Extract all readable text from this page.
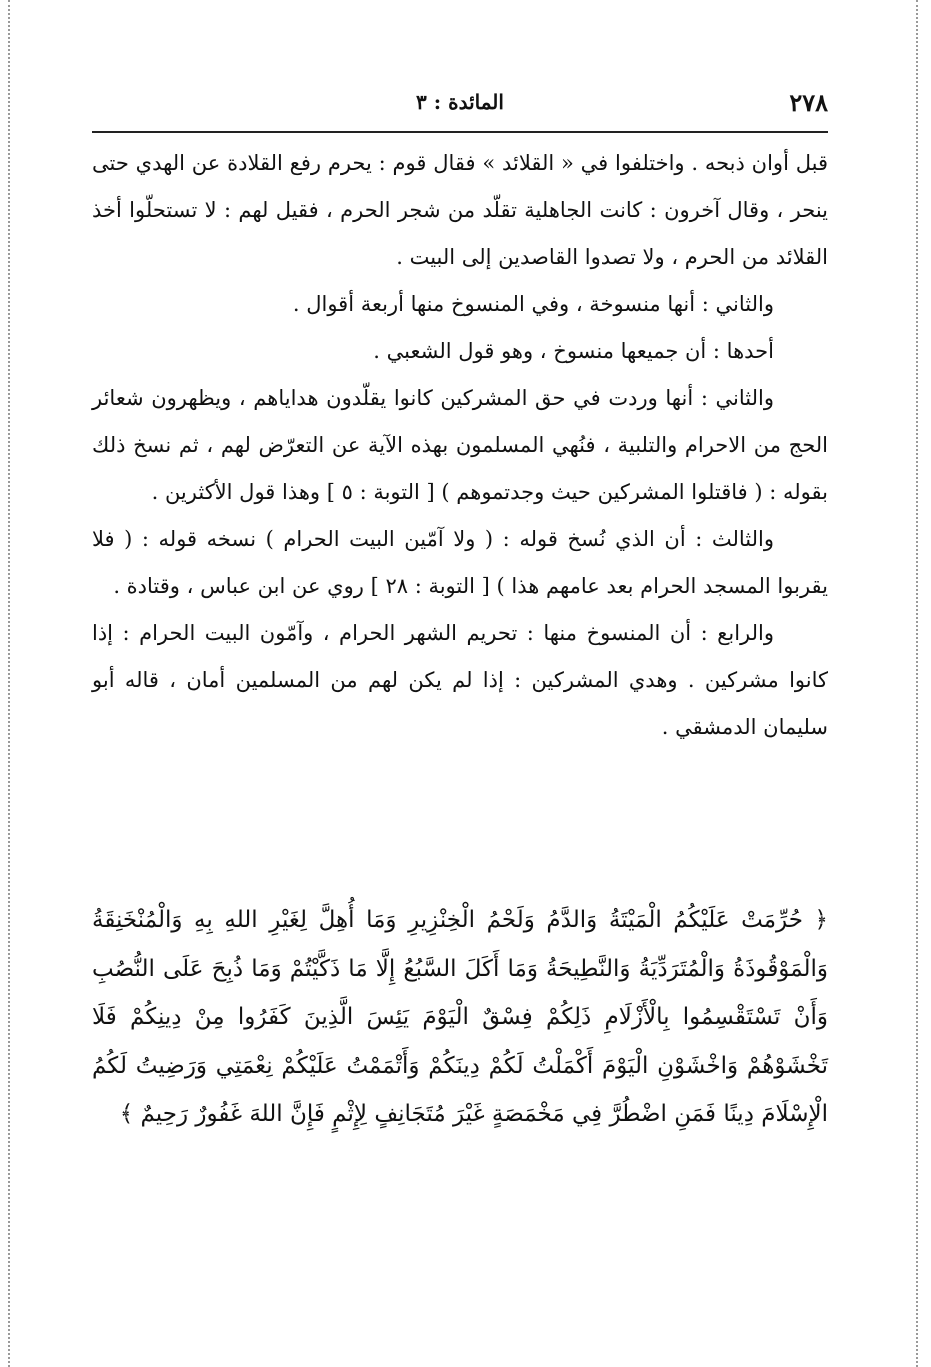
٢٧٨
المائدة : ٣

قبل أوان ذبحه . واختلفوا في « القلائد » فقال قوم : يحرم رفع القلادة عن الهدي حتى ينحر ، وقال آخرون : كانت الجاهلية تقلّد من شجر الحرم ، فقيل لهم : لا تستحلّوا أخذ القلائد من الحرم ، ولا تصدوا القاصدين إلى البيت .

والثاني : أنها منسوخة ، وفي المنسوخ منها أربعة أقوال .

أحدها : أن جميعها منسوخ ، وهو قول الشعبي .

والثاني : أنها وردت في حق المشركين كانوا يقلّدون هداياهم ، ويظهرون شعائر الحج من الاحرام والتلبية ، فنُهي المسلمون بهذه الآية عن التعرّض لهم ، ثم نسخ ذلك بقوله : ( فاقتلوا المشركين حيث وجدتموهم ) [ التوبة : ٥ ] وهذا قول الأكثرين .

والثالث : أن الذي نُسخ قوله : ( ولا آمّين البيت الحرام ) نسخه قوله : ( فلا يقربوا المسجد الحرام بعد عامهم هذا ) [ التوبة : ٢٨ ] روي عن ابن عباس ، وقتادة .

والرابع : أن المنسوخ منها : تحريم الشهر الحرام ، وآمّون البيت الحرام : إذا كانوا مشركين . وهدي المشركين : إذا لم يكن لهم من المسلمين أمان ، قاله أبو سليمان الدمشقي .

﴿ حُرِّمَتْ عَلَيْكُمُ الْمَيْتَةُ وَالدَّمُ وَلَحْمُ الْخِنْزِيرِ وَمَا أُهِلَّ لِغَيْرِ اللهِ بِهِ وَالْمُنْخَنِقَةُ وَالْمَوْقُوذَةُ وَالْمُتَرَدِّيَةُ وَالنَّطِيحَةُ وَمَا أَكَلَ السَّبُعُ إِلَّا مَا ذَكَّيْتُمْ وَمَا ذُبِحَ عَلَى النُّصُبِ وَأَنْ تَسْتَقْسِمُوا بِالْأَزْلَامِ ذَلِكُمْ فِسْقٌ الْيَوْمَ يَئِسَ الَّذِينَ كَفَرُوا مِنْ دِينِكُمْ فَلَا تَخْشَوْهُمْ وَاخْشَوْنِ الْيَوْمَ أَكْمَلْتُ لَكُمْ دِينَكُمْ وَأَتْمَمْتُ عَلَيْكُمْ نِعْمَتِي وَرَضِيتُ لَكُمُ الْإِسْلَامَ دِينًا فَمَنِ اضْطُرَّ فِي مَخْمَصَةٍ غَيْرَ مُتَجَانِفٍ لِإِثْمٍ فَإِنَّ اللهَ غَفُورٌ رَحِيمٌ ﴾
